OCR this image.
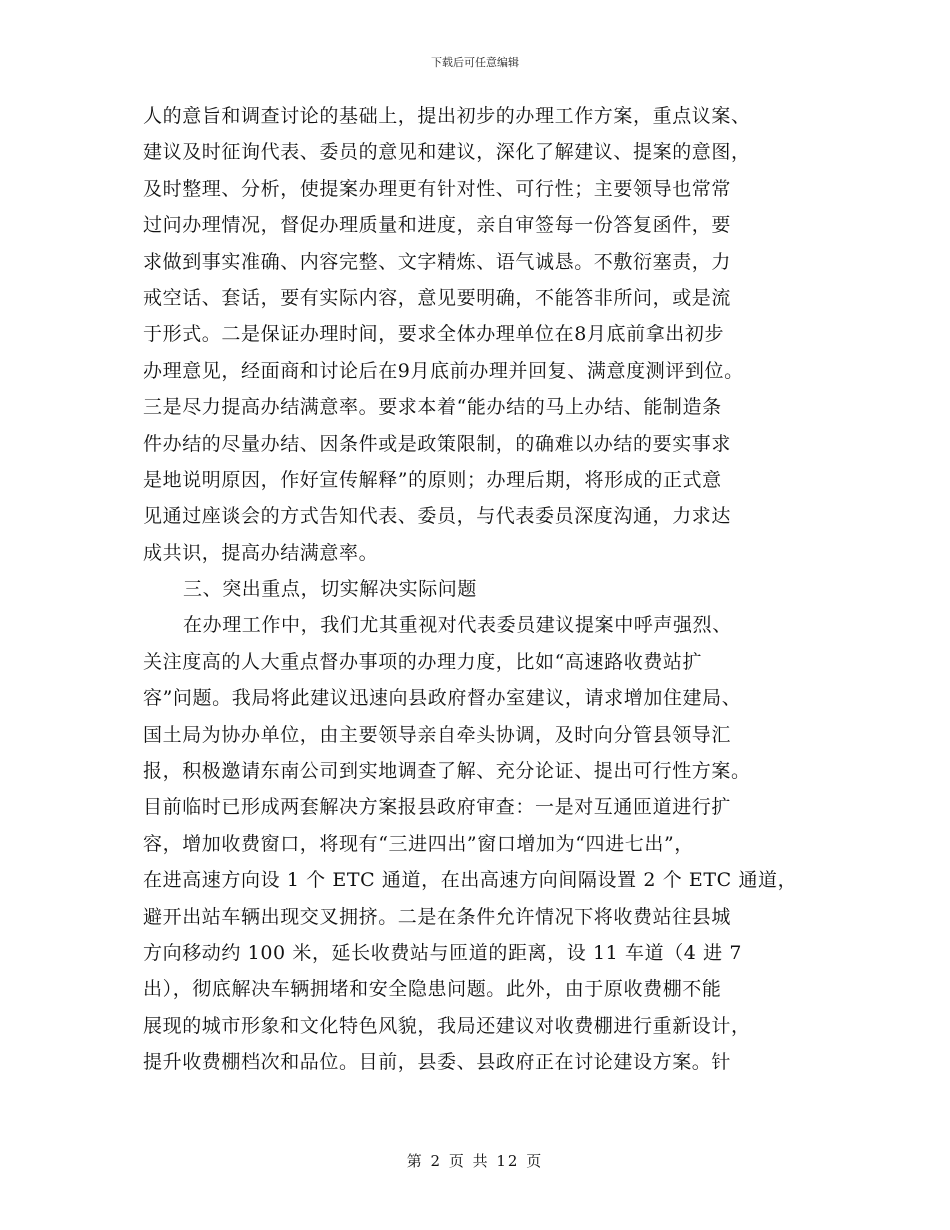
下载后可任意编辑
人的意旨和调查讨论的基础上，提出初步的办理工作方案，重点议案、
建议及时征询代表、委员的意见和建议，深化了解建议、提案的意图，
及时整理、分析，使提案办理更有针对性、可行性；主要领导也常常
过问办理情况，督促办理质量和进度，亲自审签每一份答复函件，要
求做到事实准确、内容完整、文字精炼、语气诚恳。不敷衍塞责，力
戒空话、套话，要有实际内容，意见要明确，不能答非所问，或是流
于形式。二是保证办理时间，要求全体办理单位在8月底前拿出初步
办理意见，经面商和讨论后在9月底前办理并回复、满意度测评到位。
三是尽力提高办结满意率。要求本着“能办结的马上办结、能制造条
件办结的尽量办结、因条件或是政策限制，的确难以办结的要实事求
是地说明原因，作好宣传解释”的原则；办理后期，将形成的正式意
见通过座谈会的方式告知代表、委员，与代表委员深度沟通，力求达
成共识，提高办结满意率。
三、突出重点，切实解决实际问题
在办理工作中，我们尤其重视对代表委员建议提案中呼声强烈、
关注度高的人大重点督办事项的办理力度，比如“高速路收费站扩
容”问题。我局将此建议迅速向县政府督办室建议，请求增加住建局、
国土局为协办单位，由主要领导亲自牵头协调，及时向分管县领导汇
报，积极邀请东南公司到实地调查了解、充分论证、提出可行性方案。
目前临时已形成两套解决方案报县政府审查：一是对互通匝道进行扩
容，增加收费窗口，将现有“三进四出”窗口增加为“四进七出”，
在进高速方向设 1 个 ETC 通道，在出高速方向间隔设置 2 个 ETC 通道，
避开出站车辆出现交叉拥挤。二是在条件允许情况下将收费站往县城
方向移动约 100 米，延长收费站与匝道的距离，设 11 车道（4 进 7
出），彻底解决车辆拥堵和安全隐患问题。此外，由于原收费棚不能
展现的城市形象和文化特色风貌，我局还建议对收费棚进行重新设计，
提升收费棚档次和品位。目前，县委、县政府正在讨论建设方案。针
第 2 页 共 12 页
